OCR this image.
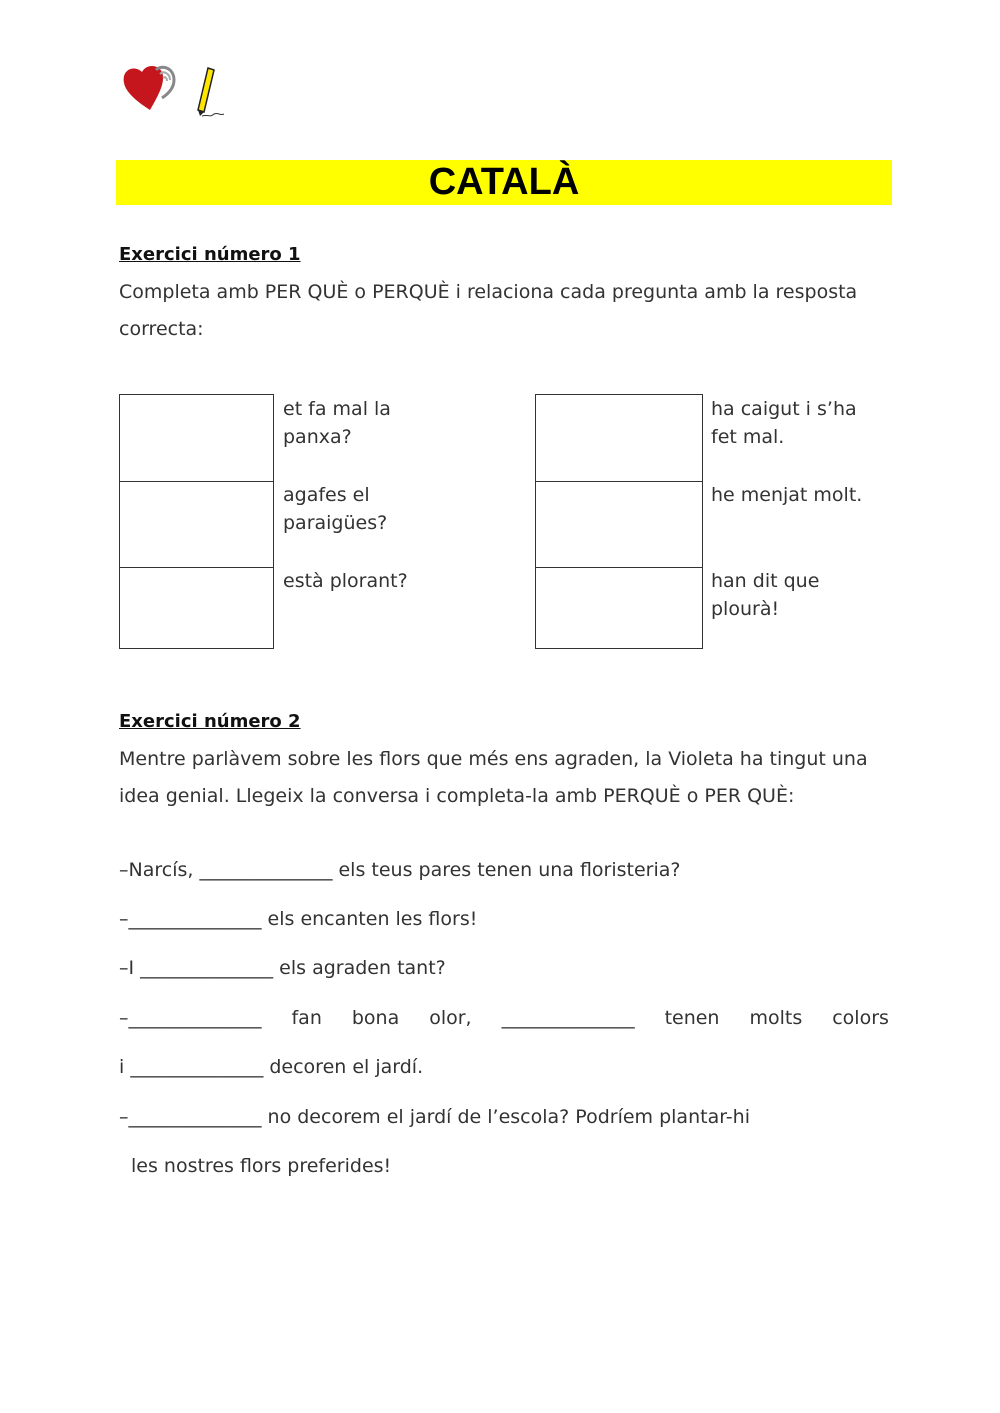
CATALÀ
Exercici número 1
Completa amb PER QUÈ o PERQUÈ i relaciona cada pregunta amb la resposta correcta:
et fa mal la panxa?
agafes el paraigües?
està plorant?
ha caigut i s’ha fet mal.
he menjat molt.
han dit que plourà!
Exercici número 2
Mentre parlàvem sobre les flors que més ens agraden, la Violeta ha tingut una idea genial. Llegeix la conversa i completa-la amb PERQUÈ o PER QUÈ:
–Narcís, ______________ els teus pares tenen una floristeria?
–______________ els encanten les flors!
–I ______________ els agraden tant?
–______________ fan bona olor, ______________ tenen molts colors
i ______________ decoren el jardí.
–______________ no decorem el jardí de l’escola? Podríem plantar-hi
les nostres flors preferides!
